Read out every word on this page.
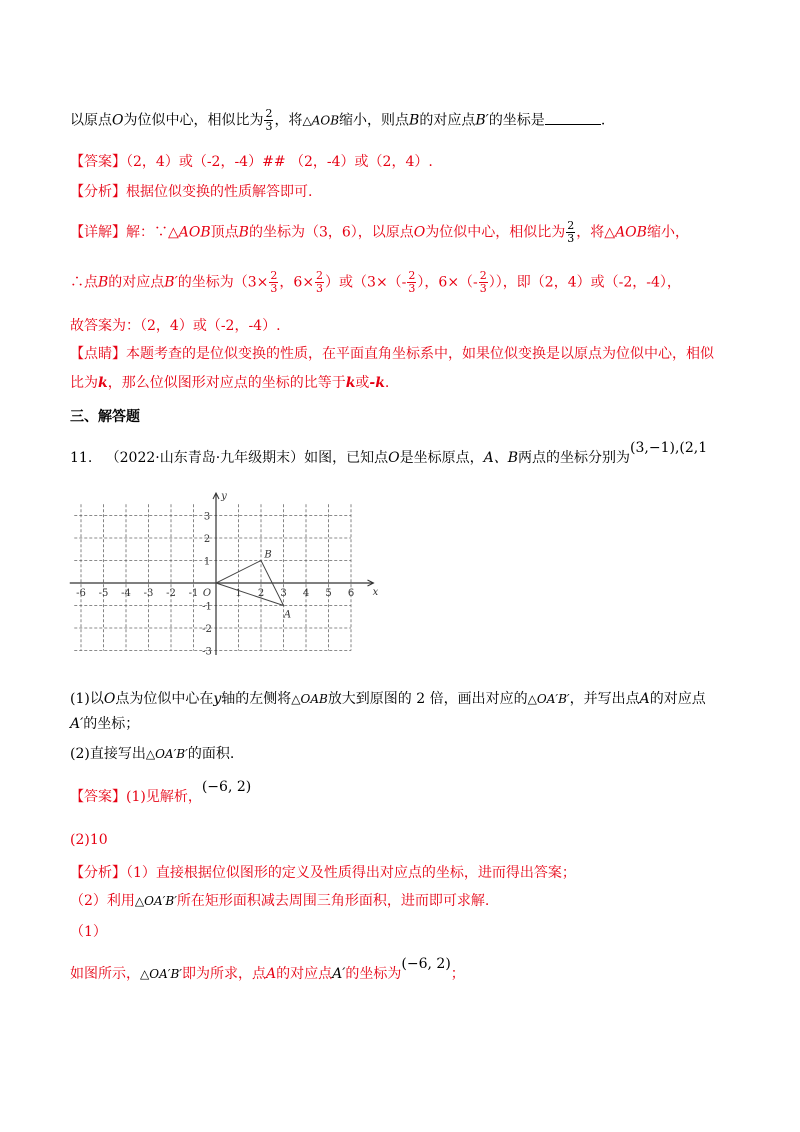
以原点O为位似中心，相似比为 $\frac{2}{3}$ ，将△AOB缩小，则点B的对应点B′的坐标是	.
【答案】（2，4）或（-2，-4）## （2，-4）或（2，4）.
【分析】根据位似变换的性质解答即可.
【详解】解：∵△AOB顶点B的坐标为（3，6），以原点O为位似中心，相似比为 $\frac{2}{3}$ ，将△AOB缩小，
∴点B的对应点B′的坐标为（$3\times \frac{2}{3}$ ，$6\times \frac{2}{3}$ ）或（$3\times(- \frac{2}{3}$ ），$6\times(- \frac{2}{3}$ ）），即（2，4）或（-2，-4），
故答案为：（2，4）或（-2，-4）.
【点睛】本题考查的是位似变换的性质，在平面直角坐标系中，如果位似变换是以原点为位似中心，相似
比为k，那么位似图形对应点的坐标的比等于k或-k.
三、解答题
11. （2022·山东青岛·九年级期末）如图，已知点O是坐标原点，A、B两点的坐标分别为(3,−1),(2,1
-6 -5 -4 -3 -2 -1	1 2 3 4 5 6
3
2
1
-1
-2
-3
x
y
O
A
B
(1)以O点为位似中心在y轴的左侧将△OAB放大到原图的 2 倍，画出对应的△OA′B′，并写出点A的对应点
A′的坐标；
(2)直接写出△OA′B′的面积.
【答案】(1)见解析，(−6, 2)
(2)10
【分析】（1）直接根据位似图形的定义及性质得出对应点的坐标，进而得出答案；
（2）利用△OA′B′所在矩形面积减去周围三角形面积，进而即可求解.
（1）
如图所示，△OA′B′即为所求，点A的对应点A′的坐标为(−6, 2)；
